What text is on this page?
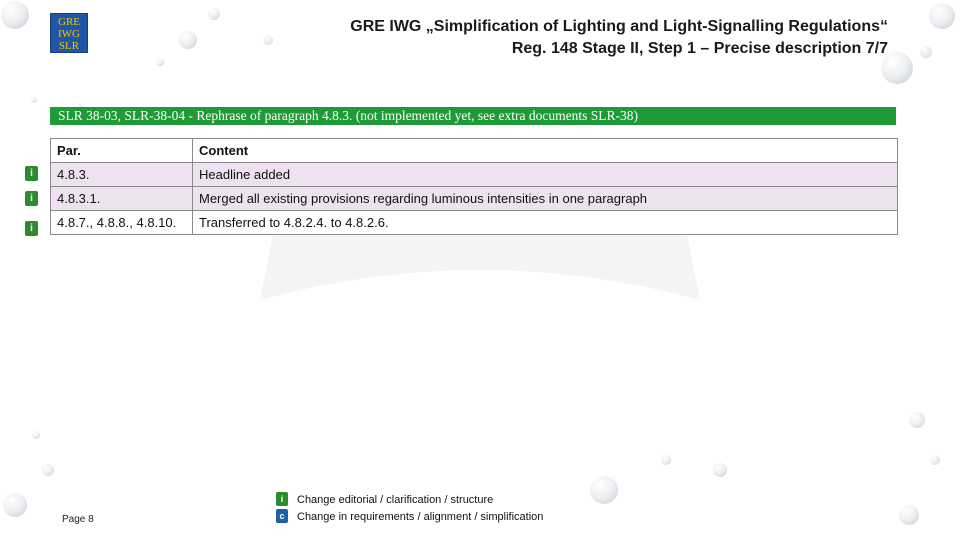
GRE
IWG
SLR
GRE IWG „Simplification of Lighting and Light-Signalling Regulations“
Reg. 148 Stage II, Step 1 – Precise description 7/7
SLR 38-03, SLR-38-04 - Rephrase of paragraph 4.8.3. (not implemented yet, see extra documents SLR-38)
Par.	Content
4.8.3.	Headline added
4.8.3.1.	Merged all existing provisions regarding luminous intensities in one paragraph
4.8.7., 4.8.8., 4.8.10.	Transferred to 4.8.2.4. to 4.8.2.6.
i
i
i
Page 8
i	Change editorial / clarification / structure
c	Change in requirements / alignment / simplification
